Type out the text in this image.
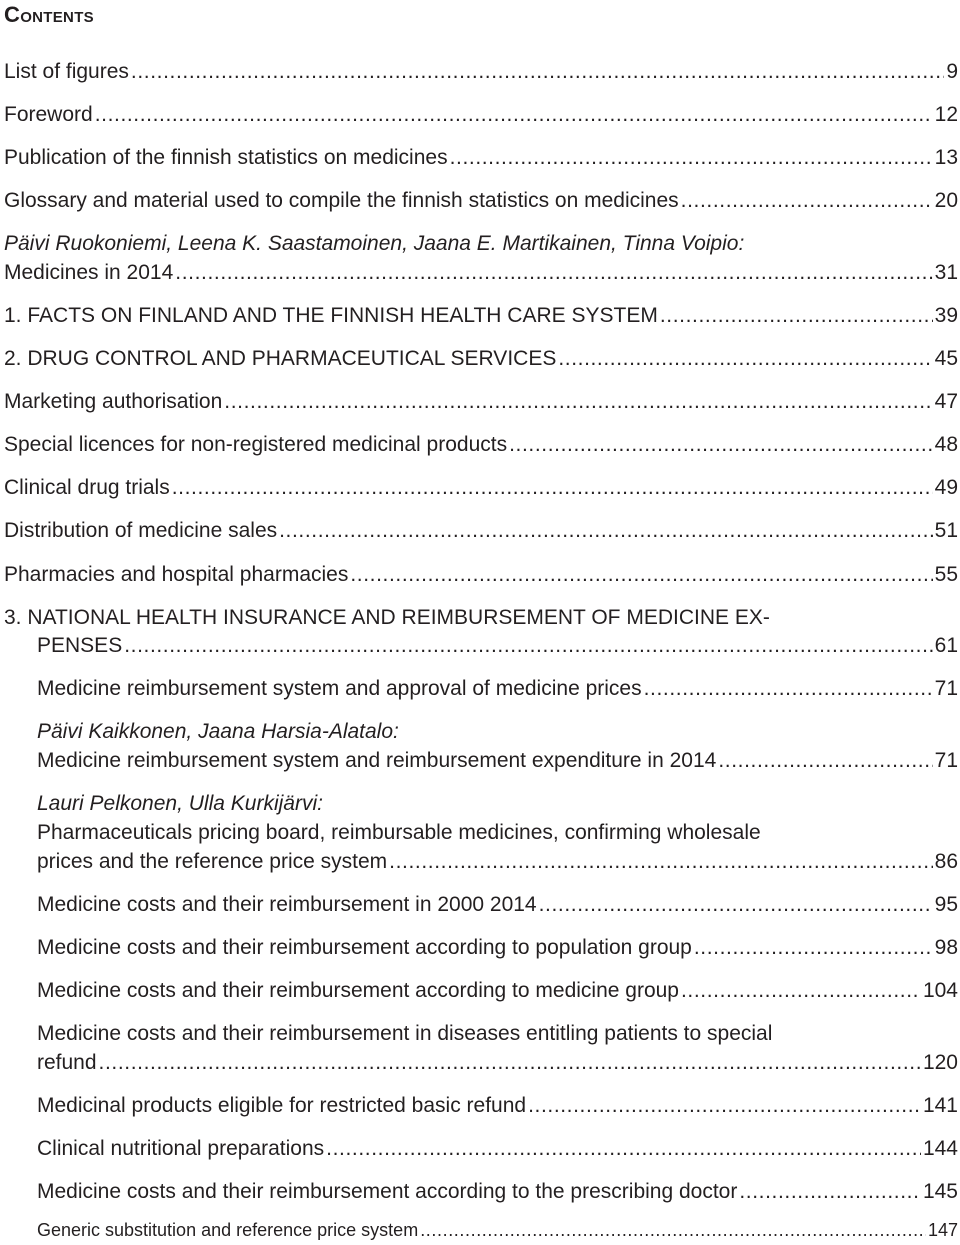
Contents
List of figures .....	9
Foreword .....	12
Publication of the finnish statistics on medicines .....	13
Glossary and material used to compile the finnish statistics on medicines .....	20
Päivi Ruokoniemi, Leena K. Saastamoinen, Jaana E. Martikainen, Tinna Voipio:
Medicines in 2014 .....	31
1. FACTS ON FINLAND AND THE FINNISH HEALTH CARE SYSTEM .....	39
2. DRUG CONTROL AND PHARMACEUTICAL SERVICES .....	45
Marketing authorisation .....	47
Special licences for non-registered medicinal products .....	48
Clinical drug trials .....	49
Distribution of medicine sales .....	51
Pharmacies and hospital pharmacies .....	55
3. NATIONAL HEALTH INSURANCE AND REIMBURSEMENT OF MEDICINE EX-
PENSES .....	61
Medicine reimbursement system and approval of medicine prices .....	71
Päivi Kaikkonen, Jaana Harsia-Alatalo:
Medicine reimbursement system and reimbursement expenditure in 2014 .....	71
Lauri Pelkonen, Ulla Kurkijärvi:
Pharmaceuticals pricing board, reimbursable medicines, confirming wholesale
prices and the reference price system .....	86
Medicine costs and their reimbursement in 2000 2014 .....	95
Medicine costs and their reimbursement according to population group .....	98
Medicine costs and their reimbursement according to medicine group .....	104
Medicine costs and their reimbursement in diseases entitling patients to special
refund .....	120
Medicinal products eligible for restricted basic refund .....	141
Clinical nutritional preparations .....	144
Medicine costs and their reimbursement according to the prescribing doctor .....	145
Generic substitution and reference price system .....	147
